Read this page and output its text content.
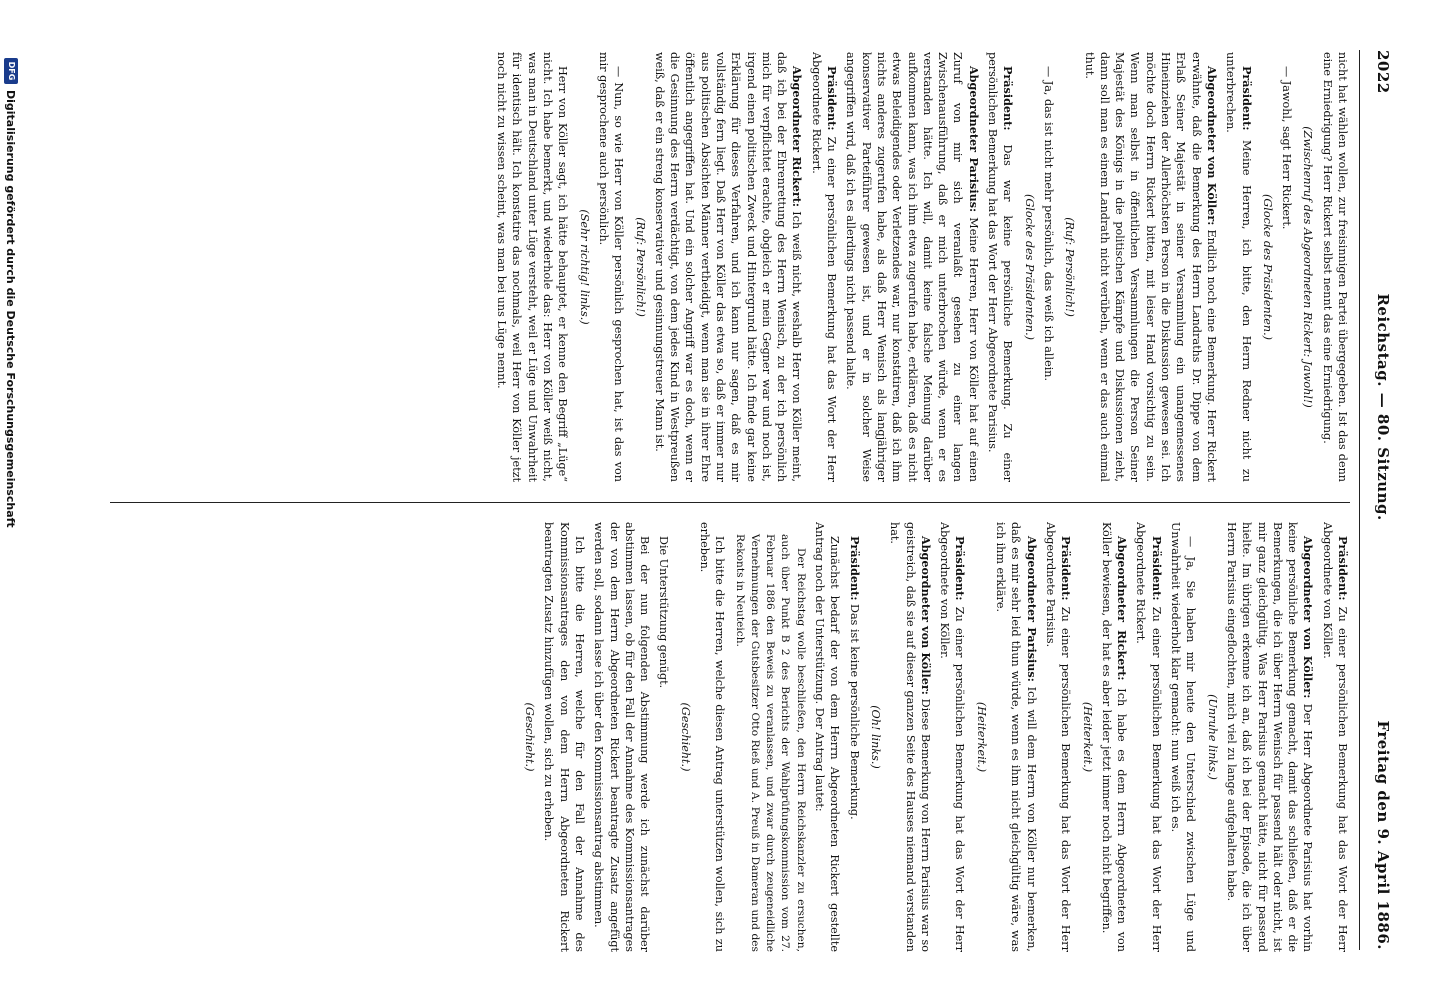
2022
Reichstag. — 80. Sitzung.
Freitag den 9. April 1886.

nicht hat wählen wollen, zur freisinnigen Partei übergegeben. Ist das denn eine Erniedrigung? Herr Rickert selbst nennt das eine Erniedrigung.

(Zwischenruf des Abgeordneten Rickert: Jawohl!)

— Jawohl, sagt Herr Rickert.

(Glocke des Präsidenten.)

Präsident: Meine Herren, ich bitte, den Herrn Redner nicht zu unterbrechen.

Abgeordneter von Köller: Endlich noch eine Bemerkung. Herr Rickert erwähnte, daß die Bemerkung des Herrn Landraths Dr. Dippe von dem Erlaß Seiner Majestät in seiner Versammlung ein unangemessenes Hineinziehen der Allerhöchsten Person in die Diskussion gewesen sei. Ich möchte doch Herrn Rickert bitten, mit leiser Hand vorsichtig zu sein. Wenn man selbst in öffentlichen Versammlungen die Person Seiner Majestät des Königs in die politischen Kämpfe und Diskussionen zieht, dann soll man es einem Landrath nicht verübeln, wenn er das auch einmal thut.

(Ruf: Persönlich!)

— Ja, das ist nicht mehr persönlich, das weiß ich allein.

(Glocke des Präsidenten.)

Präsident: Das war keine persönliche Bemerkung. Zu einer persönlichen Bemerkung hat das Wort der Herr Abgeordnete Parisius.

Abgeordneter Parisius: Meine Herren, Herr von Köller hat auf einen Zuruf von mir sich veranlaßt gesehen zu einer langen Zwischenausführung, daß er mich unterbrochen würde, wenn er es verstanden hätte. Ich will, damit keine falsche Meinung darüber aufkommen kann, was ich ihm etwa zugerufen habe, erklären, daß es nicht etwas Beleidigendes oder Verletzendes war, nur konstatiren, daß ich ihm nichts anderes zugerufen habe, als daß Herr Wenisch als langjähriger konservativer Parteiführer gewesen ist, und er in solcher Weise angegriffen wird, daß ich es allerdings nicht passend halte.

Präsident: Zu einer persönlichen Bemerkung hat das Wort der Herr Abgeordnete Rickert.

Abgeordneter Rickert: Ich weiß nicht, weshalb Herr von Köller meint, daß ich bei der Ehrenrettung des Herrn Wenisch, zu der ich persönlich mich für verpflichtet erachte, obgleich er mein Gegner war und noch ist, irgend einen politischen Zweck und Hintergrund hätte. Ich finde gar keine Erklärung für dieses Verfahren, und ich kann nur sagen, daß es mir vollständig fern liegt. Daß Herr von Köller das etwa so, daß er immer nur aus politischen Absichten Männer vertheidigt, wenn man sie in ihrer Ehre öffentlich angegriffen hat. Und ein solcher Angriff war es doch, wenn er die Gesinnung des Herrn verdächtigt, von dem jedes Kind in Westpreußen weiß, daß er ein streng konservativer und gesinnungstreuer Mann ist.

(Ruf: Persönlich!)

— Nun, so wie Herr von Köller persönlich gesprochen hat, ist das von mir gesprochene auch persönlich.

(Sehr richtig! links.)

Herr von Köller sagt, ich hätte behauptet, er kenne den Begriff „Lüge“ nicht. Ich habe bemerkt, und wiederhole das: Herr von Köller weiß nicht, was man in Deutschland unter Lüge versteht, weil er Lüge und Unwahrheit für identisch hält. Ich konstatire das nochmals, weil Herr von Köller jetzt noch nicht zu wissen scheint, was man bei uns Lüge nennt.

Präsident: Zu einer persönlichen Bemerkung hat das Wort der Herr Abgeordnete von Köller.

Abgeordneter von Köller: Der Herr Abgeordnete Parisius hat vorhin keine persönliche Bemerkung gemacht, damit das schließen, daß er die Bemerkungen, die ich über Herrn Wenisch für passend hält oder nicht, ist mir ganz gleichgültig. Was Herr Parisius gemacht hätte, nicht für passend hielte. Im übrigen erkenne ich an, daß ich bei der Episode, die ich über Herrn Parisius eingeflochten, mich viel zu lange aufgehalten habe.

(Unruhe links.)

— Ja, Sie haben mir heute den Unterschied zwischen Lüge und Unwahrheit wiederholt klar gemacht: nun weiß ich es.

Präsident: Zu einer persönlichen Bemerkung hat das Wort der Herr Abgeordnete Rickert.

Abgeordneter Rickert: Ich habe es dem Herrn Abgeordneten von Köller bewiesen, der hat es aber leider jetzt immer noch nicht begriffen.

(Heiterkeit.)

Präsident: Zu einer persönlichen Bemerkung hat das Wort der Herr Abgeordnete Parisius.

Abgeordneter Parisius: Ich will dem Herrn von Köller nur bemerken, daß es mir sehr leid thun würde, wenn es ihm nicht gleichgültig wäre, was ich ihm erkläre.

(Heiterkeit.)

Präsident: Zu einer persönlichen Bemerkung hat das Wort der Herr Abgeordnete von Köller.

Abgeordneter von Köller: Diese Bemerkung von Herrn Parisius war so geistreich, daß sie auf dieser ganzen Seite des Hauses niemand verstanden hat.

(Oh! links.)

Präsident: Das ist keine persönliche Bemerkung.

Zunächst bedarf der von dem Herrn Abgeordneten Rickert gestellte Antrag noch der Unterstützung. Der Antrag lautet:

Der Reichstag wolle beschließen, den Herrn Reichskanzler zu ersuchen, auch über Punkt B 2 des Berichts der Wahlprüfungskommission vom 27. Februar 1886 den Beweis zu veranlassen, und zwar durch zeugeneidliche Vernehmungen der Gutsbesitzer Otto Rieß und A. Preuß in Dameran und des Rekonts in Neuteich.

Ich bitte die Herren, welche diesen Antrag unterstützen wollen, sich zu erheben.

(Geschieht.)

Die Unterstützung genügt.

Bei der nun folgenden Abstimmung werde ich zunächst darüber abstimmen lassen, ob für den Fall der Annahme des Kommissionsantrages der von dem Herrn Abgeordneten Rickert beantragte Zusatz angefügt werden soll, sodann lasse ich über den Kommissionsantrag abstimmen.

Ich bitte die Herren, welche für den Fall der Annahme des Kommissionsantrages den von dem Herrn Abgeordneten Rickert beantragten Zusatz hinzufügen wollen, sich zu erheben.

(Geschieht.)

DFG
Digitalisierung gefördert durch die Deutsche Forschungsgemeinschaft
